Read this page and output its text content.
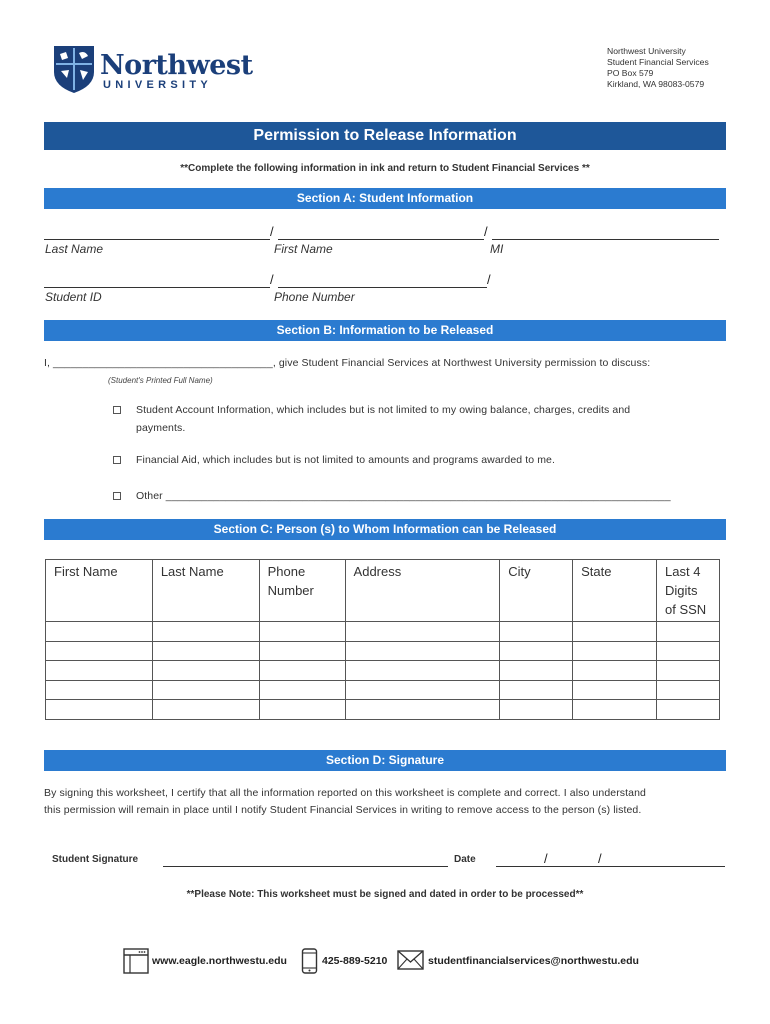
Northwest
UNIVERSITY
Northwest University
Student Financial Services
PO Box 579
Kirkland, WA 98083-0579
Permission to Release Information
**Complete the following information in ink and return to Student Financial Services **
Section A: Student Information
/	/
Last Name	First Name	MI
/	/
Student ID	Phone Number
Section B: Information to be Released
I, _____________________________________, give Student Financial Services at Northwest University permission to discuss:
(Student's Printed Full Name)
Student Account Information, which includes but is not limited to my owing balance, charges, credits and
payments.
Financial Aid, which includes but is not limited to amounts and programs awarded to me.
Other _____________________________________________________________________________________
Section C: Person (s) to Whom Information can be Released
First Name	Last Name	Phone Number	Address	City	State	Last 4 Digits of SSN

Section D: Signature
By signing this worksheet, I certify that all the information reported on this worksheet is complete and correct. I also understand
this permission will remain in place until I notify Student Financial Services in writing to remove access to the person (s) listed.
Student Signature	Date	/	/
**Please Note: This worksheet must be signed and dated in order to be processed**
www.eagle.northwestu.edu	425-889-5210	studentfinancialservices@northwestu.edu
